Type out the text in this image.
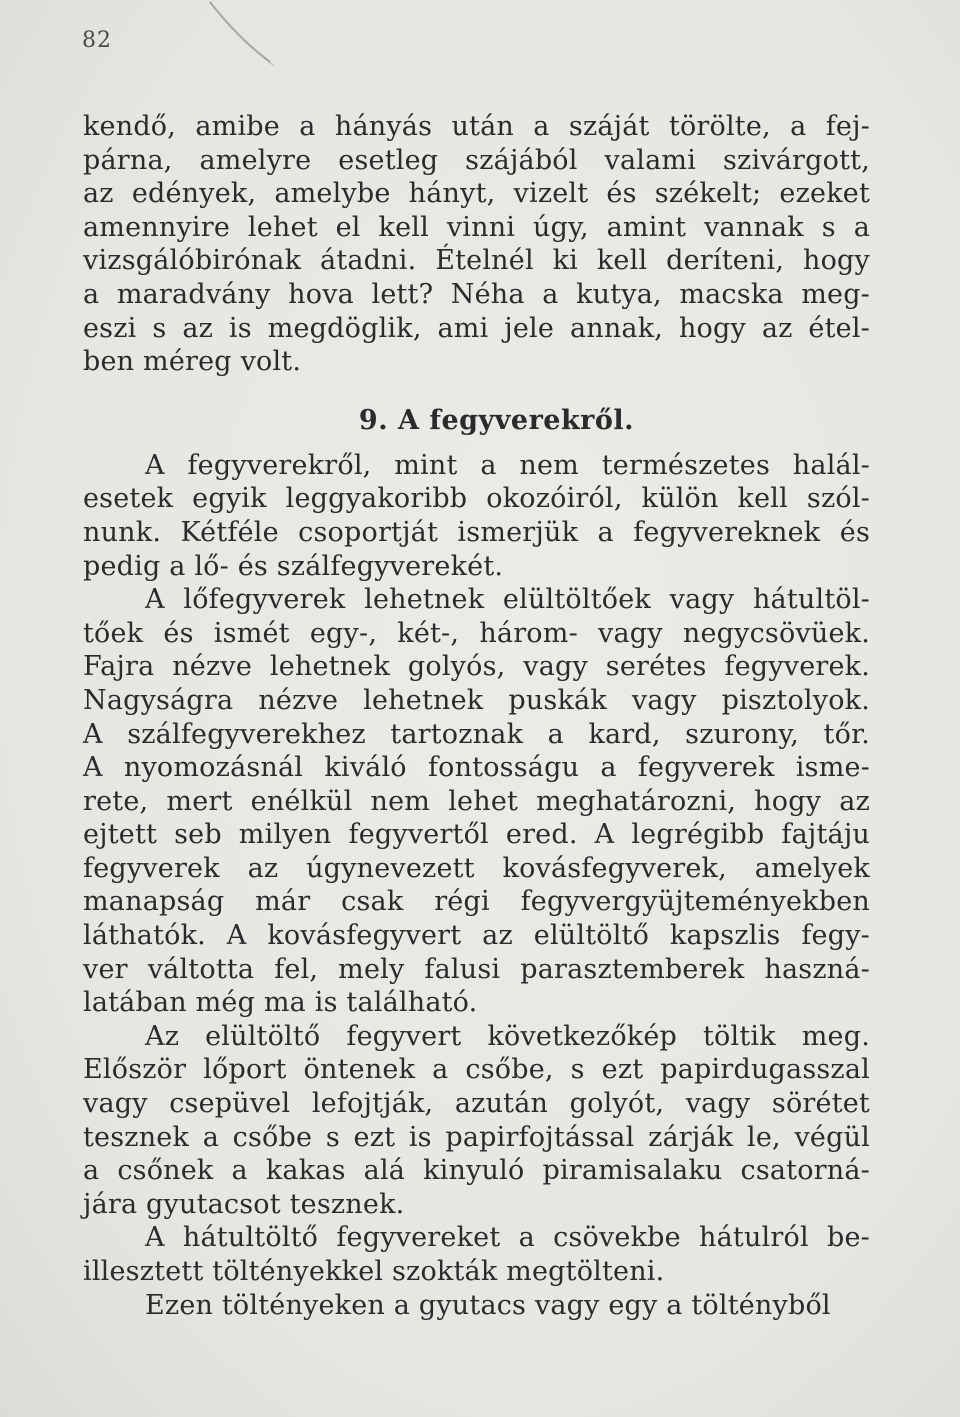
82
kendő, amibe a hányás után a száját törölte, a fej-
párna, amelyre esetleg szájából valami szivárgott,
az edények, amelybe hányt, vizelt és székelt; ezeket
amennyire lehet el kell vinni úgy, amint vannak s a
vizsgálóbirónak átadni. Ételnél ki kell deríteni, hogy
a maradvány hova lett? Néha a kutya, macska meg-
eszi s az is megdöglik, ami jele annak, hogy az étel-
ben méreg volt.
9. A fegyverekről.
A fegyverekről, mint a nem természetes halál-
esetek egyik leggyakoribb okozóiról, külön kell szól-
nunk. Kétféle csoportját ismerjük a fegyvereknek és
pedig a lő- és szálfegyverekét.
A lőfegyverek lehetnek elültöltőek vagy hátultöl-
tőek és ismét egy-, két-, három- vagy negycsövüek.
Fajra nézve lehetnek golyós, vagy serétes fegyverek.
Nagyságra nézve lehetnek puskák vagy pisztolyok.
A szálfegyverekhez tartoznak a kard, szurony, tőr.
A nyomozásnál kiváló fontosságu a fegyverek isme-
rete, mert enélkül nem lehet meghatározni, hogy az
ejtett seb milyen fegyvertől ered. A legrégibb fajtáju
fegyverek az úgynevezett kovásfegyverek, amelyek
manapság már csak régi fegyvergyüjteményekben
láthatók. A kovásfegyvert az elültöltő kapszlis fegy-
ver váltotta fel, mely falusi parasztemberek haszná-
latában még ma is található.
Az elültöltő fegyvert következőkép töltik meg.
Először lőport öntenek a csőbe, s ezt papirdugasszal
vagy csepüvel lefojtják, azután golyót, vagy sörétet
tesznek a csőbe s ezt is papirfojtással zárják le, végül
a csőnek a kakas alá kinyuló piramisalaku csatorná-
jára gyutacsot tesznek.
A hátultöltő fegyvereket a csövekbe hátulról be-
illesztett töltényekkel szokták megtölteni.
Ezen töltényeken a gyutacs vagy egy a töltényből
